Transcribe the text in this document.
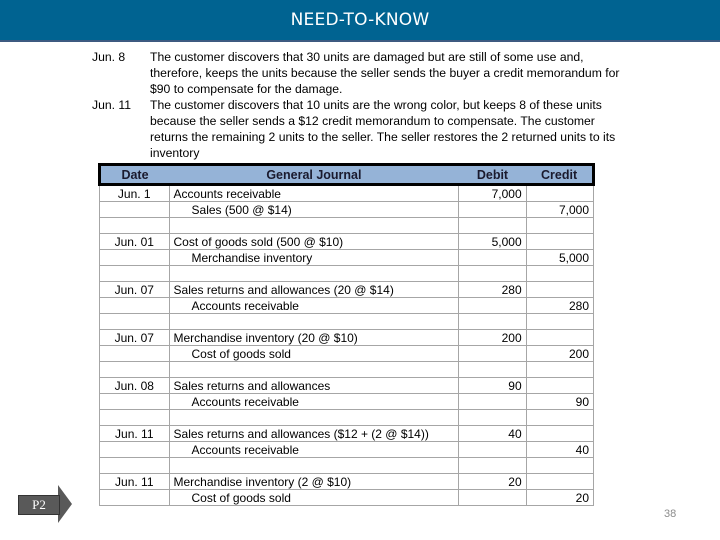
NEED-TO-KNOW
Jun. 8	The customer discovers that 30 units are damaged but are still of some use and, therefore, keeps the units because the seller sends the buyer a credit memorandum for $90 to compensate for the damage.
Jun. 11	The customer discovers that 10 units are the wrong color, but keeps 8 of these units because the seller sends a $12 credit memorandum to compensate. The customer returns the remaining 2 units to the seller. The seller restores the 2 returned units to its inventory
Date	General Journal	Debit	Credit
Jun. 1	Accounts receivable	7,000	
	Sales (500 @ $14)		7,000

Jun. 01	Cost of goods sold (500 @ $10)	5,000	
	Merchandise inventory		5,000

Jun. 07	Sales returns and allowances (20 @ $14)	280	
	Accounts receivable		280

Jun. 07	Merchandise inventory (20 @ $10)	200	
	Cost of goods sold		200

Jun. 08	Sales returns and allowances	90	
	Accounts receivable		90

Jun. 11	Sales returns and allowances ($12 + (2 @ $14))	40	
	Accounts receivable		40

Jun. 11	Merchandise inventory (2 @ $10)	20	
	Cost of goods sold		20
P2
38
